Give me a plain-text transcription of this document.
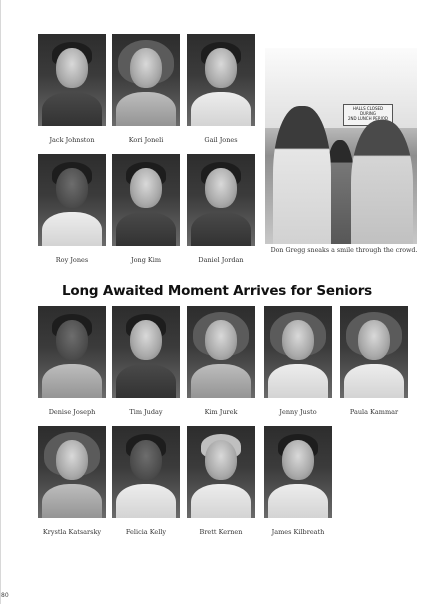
Jack Johnston	Kori Joneli	Gail Jones
Roy Jones	Jong Kim	Daniel Jordan
HALLS CLOSED
DURING
2ND LUNCH PERIOD
Don Gregg sneaks a smile through the crowd.
Long Awaited Moment Arrives for Seniors
Denise Joseph	Tim Juday	Kim Jurek	Jenny Justo	Paula Kammar
Krystla Katsarsky	Felicia Kelly	Brett Kernen	James Kilbreath
80
